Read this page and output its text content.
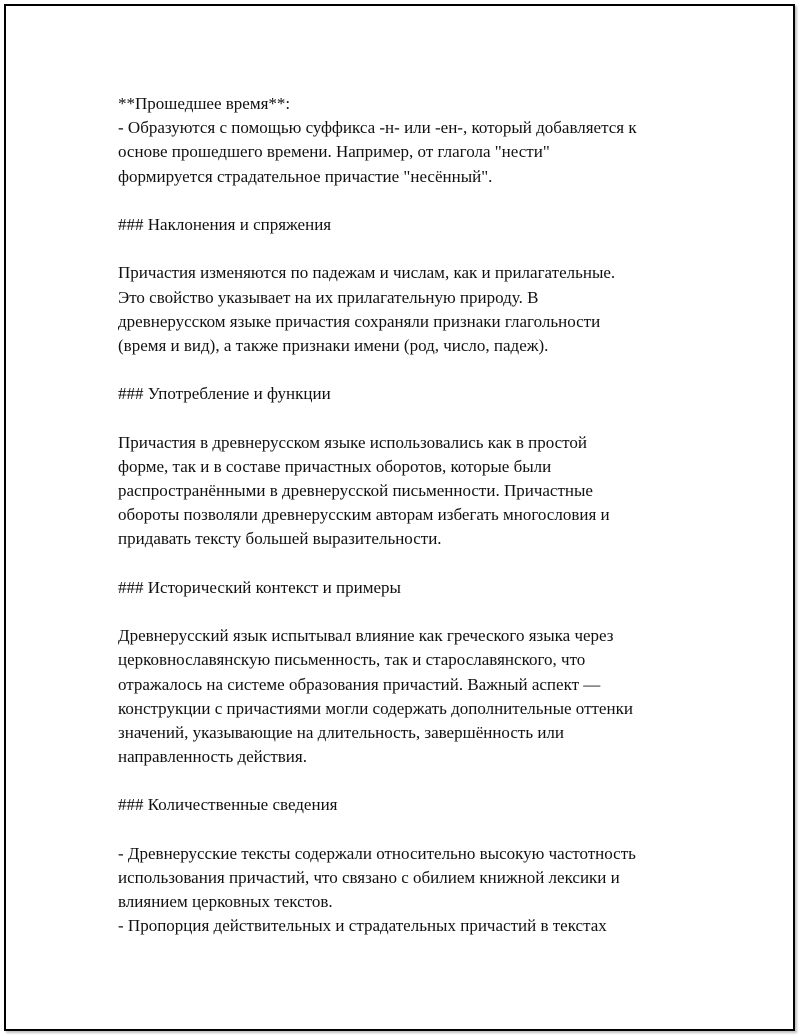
**Прошедшее время**:
- Образуются с помощью суффикса -н- или -ен-, который добавляется к
основе прошедшего времени. Например, от глагола "нести"
формируется страдательное причастие "несённый".
### Наклонения и спряжения
Причастия изменяются по падежам и числам, как и прилагательные.
Это свойство указывает на их прилагательную природу. В
древнерусском языке причастия сохраняли признаки глагольности
(время и вид), а также признаки имени (род, число, падеж).
### Употребление и функции
Причастия в древнерусском языке использовались как в простой
форме, так и в составе причастных оборотов, которые были
распространёнными в древнерусской письменности. Причастные
обороты позволяли древнерусским авторам избегать многословия и
придавать тексту большей выразительности.
### Исторический контекст и примеры
Древнерусский язык испытывал влияние как греческого языка через
церковнославянскую письменность, так и старославянского, что
отражалось на системе образования причастий. Важный аспект —
конструкции с причастиями могли содержать дополнительные оттенки
значений, указывающие на длительность, завершённость или
направленность действия.
### Количественные сведения
- Древнерусские тексты содержали относительно высокую частотность
использования причастий, что связано с обилием книжной лексики и
влиянием церковных текстов.
- Пропорция действительных и страдательных причастий в текстах
